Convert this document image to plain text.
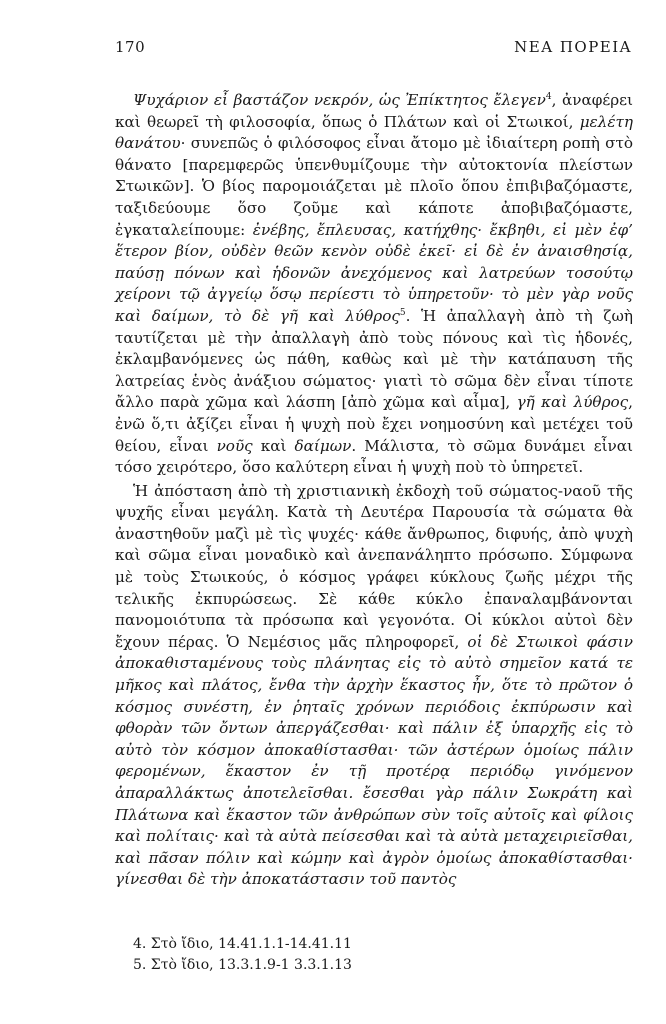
170	ΝΕΑ ΠΟΡΕΙΑ

Ψυχάριον εἶ βαστάζον νεκρόν, ὡς Ἐπίκτητος ἔλεγεν$^4$, ἀναφέρει καὶ θεωρεῖ τὴ φιλοσοφία, ὅπως ὁ Πλάτων καὶ οἱ Στωικοί, μελέτη θανάτου· συνεπῶς ὁ φιλόσοφος εἶναι ἄτομο μὲ ἰδιαίτερη ροπὴ στὸ θάνατο [παρεμφερῶς ὑπενθυμίζουμε τὴν αὐτοκτονία πλείστων Στωικῶν]. Ὁ βίος παρομοιάζεται μὲ πλοῖο ὅπου ἐπιβιβαζόμαστε, ταξιδεύουμε ὅσο ζοῦμε καὶ κάποτε ἀποβιβαζόμαστε, ἐγκαταλείπουμε: ἐνέβης, ἔπλευσας, κατήχθης· ἔκβηθι, εἰ μὲν ἐφ’ ἕτερον βίον, οὐδὲν θεῶν κενὸν οὐδὲ ἐκεῖ· εἰ δὲ ἐν ἀναισθησίᾳ, παύσῃ πόνων καὶ ἡδονῶν ἀνεχόμενος καὶ λατρεύων τοσούτῳ χείρονι τῷ ἀγγείῳ ὅσῳ περίεστι τὸ ὑπηρετοῦν· τὸ μὲν γὰρ νοῦς καὶ δαίμων, τὸ δὲ γῆ καὶ λύθρος$^5$. Ἡ ἀπαλλαγὴ ἀπὸ τὴ ζωὴ ταυτίζεται μὲ τὴν ἀπαλλαγὴ ἀπὸ τοὺς πόνους καὶ τὶς ἡδονές, ἐκλαμβανόμενες ὡς πάθη, καθὼς καὶ μὲ τὴν κατάπαυση τῆς λατρείας ἑνὸς ἀνάξιου σώματος· γιατὶ τὸ σῶμα δὲν εἶναι τίποτε ἄλλο παρὰ χῶμα καὶ λάσπη [ἀπὸ χῶμα καὶ αἷμα], γῆ καὶ λύθρος, ἐνῶ ὅ,τι ἀξίζει εἶναι ἡ ψυχὴ ποὺ ἔχει νοημοσύνη καὶ μετέχει τοῦ θείου, εἶναι νοῦς καὶ δαίμων. Μάλιστα, τὸ σῶμα δυνάμει εἶναι τόσο χειρότερο, ὅσο καλύτερη εἶναι ἡ ψυχὴ ποὺ τὸ ὑπηρετεῖ.

Ἡ ἀπόσταση ἀπὸ τὴ χριστιανικὴ ἐκδοχὴ τοῦ σώματος-ναοῦ τῆς ψυχῆς εἶναι μεγάλη. Κατὰ τὴ Δευτέρα Παρουσία τὰ σώματα θὰ ἀναστηθοῦν μαζὶ μὲ τὶς ψυχές· κάθε ἄνθρωπος, διφυής, ἀπὸ ψυχὴ καὶ σῶμα εἶναι μοναδικὸ καὶ ἀνεπανάληπτο πρόσωπο. Σύμφωνα μὲ τοὺς Στωικούς, ὁ κόσμος γράφει κύκλους ζωῆς μέχρι τῆς τελικῆς ἐκπυρώσεως. Σὲ κάθε κύκλο ἐπαναλαμβάνονται πανομοιότυπα τὰ πρόσωπα καὶ γεγονότα. Οἱ κύκλοι αὐτοὶ δὲν ἔχουν πέρας. Ὁ Νεμέσιος μᾶς πληροφορεῖ, οἱ δὲ Στωικοὶ φάσιν ἀποκαθισταμένους τοὺς πλάνητας εἰς τὸ αὐτὸ σημεῖον κατά τε μῆκος καὶ πλάτος, ἔνθα τὴν ἀρχὴν ἕκαστος ἦν, ὅτε τὸ πρῶτον ὁ κόσμος συνέστη, ἐν ῥηταῖς χρόνων περιόδοις ἐκπύρωσιν καὶ φθορὰν τῶν ὄντων ἀπεργάζεσθαι· καὶ πάλιν ἐξ ὑπαρχῆς εἰς τὸ αὐτὸ τὸν κόσμον ἀποκαθίστασθαι· τῶν ἀστέρων ὁμοίως πάλιν φερομένων, ἕκαστον ἐν τῇ προτέρᾳ περιόδῳ γινόμενον ἀπαραλλάκτως ἀποτελεῖσθαι. ἔσεσθαι γὰρ πάλιν Σωκράτη καὶ Πλάτωνα καὶ ἕκαστον τῶν ἀνθρώπων σὺν τοῖς αὐτοῖς καὶ φίλοις καὶ πολίταις· καὶ τὰ αὐτὰ πείσεσθαι καὶ τὰ αὐτὰ μεταχειριεῖσθαι, καὶ πᾶσαν πόλιν καὶ κώμην καὶ ἀγρὸν ὁμοίως ἀποκαθίστασθαι· γίνεσθαι δὲ τὴν ἀποκατάστασιν τοῦ παντὸς

4. Στὸ ἴδιο, 14.41.1.1-14.41.11
5. Στὸ ἴδιο, 13.3.1.9-1 3.3.1.13
